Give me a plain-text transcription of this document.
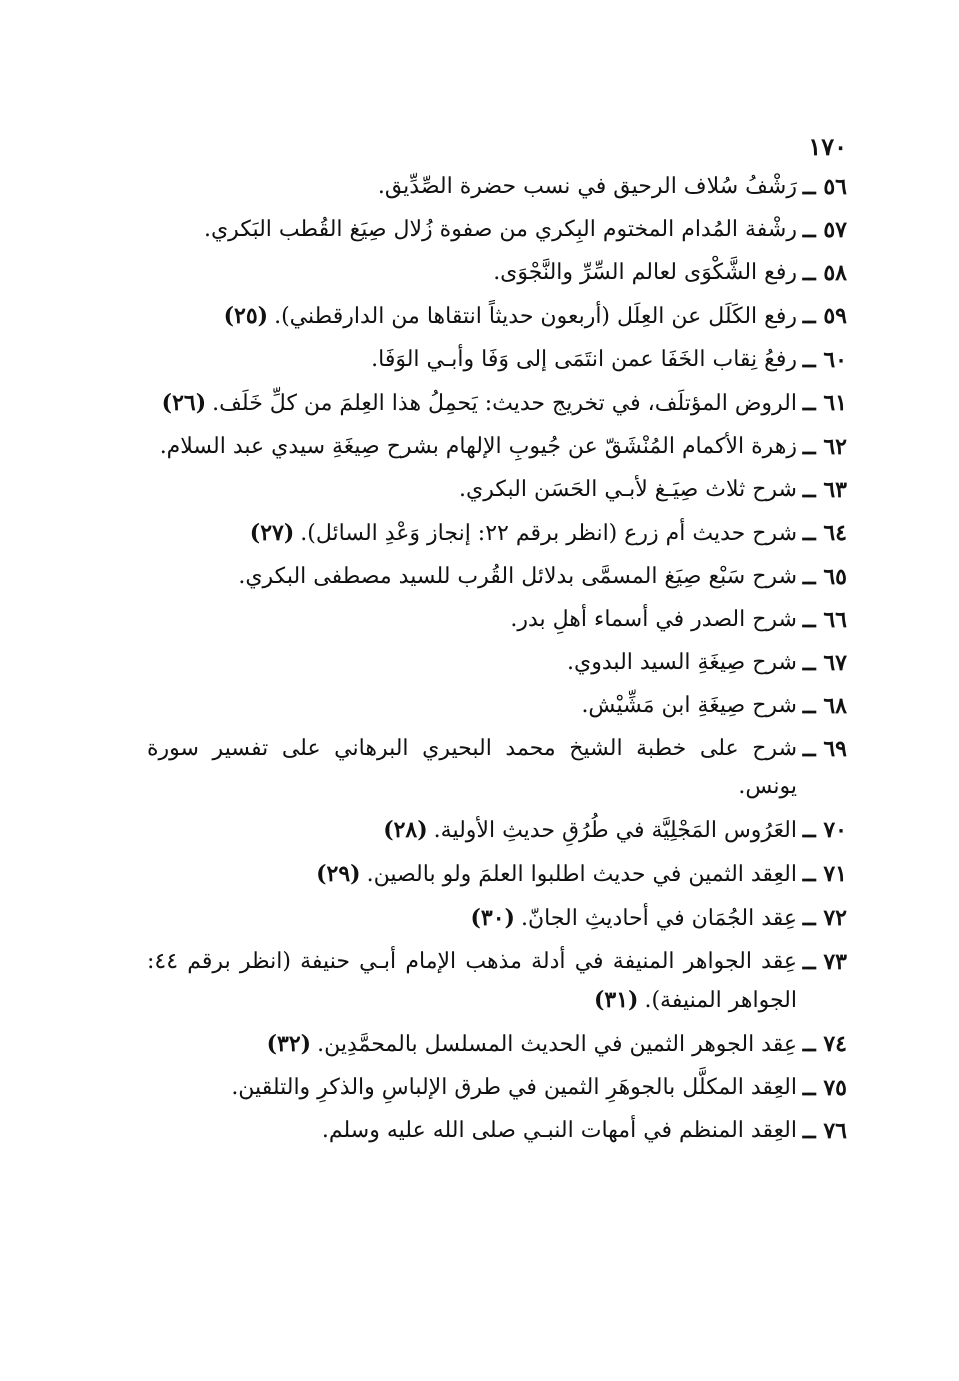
١٧٠
٥٦ ــ
رَشْفُ سُلاف الرحيق في نسب حضرة الصِّدِّيق.
٥٧ ــ
رشْفة المُدام المختوم البِكري من صفوة زُلال صِيَغ القُطب البَكري.
٥٨ ــ
رفع الشَّكْوَى لعالم السِّرِّ والنَّجْوَى.
٥٩ ــ
رفع الكَلَل عن العِلَل (أربعون حديثاً انتقاها من الدارقطني).(٢٥)
٦٠ ــ
رفعُ نِقاب الخَفَا عمن انتَمَى إلى وَفَا وأبـي الوَفَا.
٦١ ــ
الروض المؤتلَف، في تخريج حديث: يَحمِلُ هذا العِلمَ من كلِّ خَلَف.(٢٦)
٦٢ ــ
زهرة الأكمام المُنْشَقّ عن جُيوبِ الإلهام بشرح صِيغَةِ سيدي عبد السلام.
٦٣ ــ
شرح ثلاث صِيَـغ لأبـي الحَسَن البكري.
٦٤ ــ
شرح حديث أم زرع (انظر برقم ٢٢: إنجاز وَعْدِ السائل).(٢٧)
٦٥ ــ
شرح سَبْع صِيَغ المسمَّى بدلائل القُرب للسيد مصطفى البكري.
٦٦ ــ
شرح الصدر في أسماء أهلِ بدر.
٦٧ ــ
شرح صِيغَةِ السيد البدوي.
٦٨ ــ
شرح صِيغَةِ ابن مَشِّيْش.
٦٩ ــ
شرح على خطبة الشيخ محمد البحيري البرهاني على تفسير سورة يونس.
٧٠ ــ
العَرُوس المَجْلِيَّة في طُرُقِ حديثِ الأولية.(٢٨)
٧١ ــ
العِقد الثمين في حديث اطلبوا العلمَ ولو بالصين.(٢٩)
٧٢ ــ
عِقد الجُمَان في أحاديثِ الجانّ.(٣٠)
٧٣ ــ
عِقد الجواهر المنيفة في أدلة مذهب الإمام أبـي حنيفة (انظر برقم ٤٤: الجواهر المنيفة).(٣١)
٧٤ ــ
عِقد الجوهر الثمين في الحديث المسلسل بالمحمَّدِين.(٣٢)
٧٥ ــ
العِقد المكلَّل بالجوهَرِ الثمين في طرق الإلباسِ والذكرِ والتلقين.
٧٦ ــ
العِقد المنظم في أمهات النبـي صلى الله عليه وسلم.
